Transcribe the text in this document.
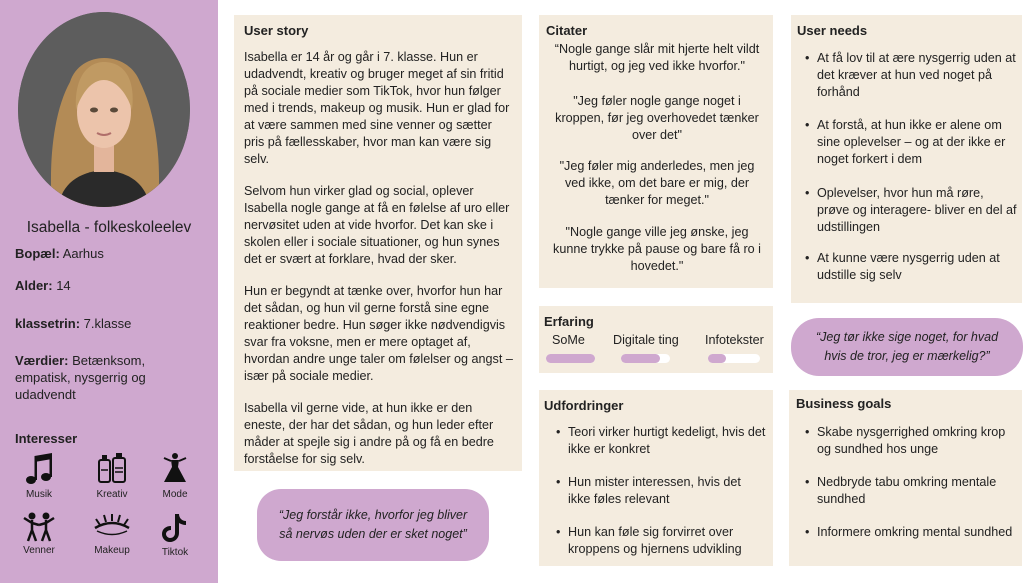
Isabella - folkeskoleelev
Bopæl: Aarhus
Alder: 14
klassetrin: 7.klasse
Værdier: Betænksom, empatisk, nysgerrig og udadvendt
Interesser
Musik	Kreativ	Mode
Venner	Makeup	Tiktok
User story

Isabella er 14 år og går i 7. klasse. Hun er udadvendt, kreativ og bruger meget af sin fritid på sociale medier som TikTok, hvor hun følger med i trends, makeup og musik. Hun er glad for at være sammen med sine venner og sætter pris på fællesskaber, hvor man kan være sig selv.

Selvom hun virker glad og social, oplever Isabella nogle gange at få en følelse af uro eller nervøsitet uden at vide hvorfor. Det kan ske i skolen eller i sociale situationer, og hun synes det er svært at forklare, hvad der sker.

Hun er begyndt at tænke over, hvorfor hun har det sådan, og hun vil gerne forstå sine egne reaktioner bedre. Hun søger ikke nødvendigvis svar fra voksne, men er mere optaget af, hvordan andre unge taler om følelser og angst – især på sociale medier.

Isabella vil gerne vide, at hun ikke er den eneste, der har det sådan, og hun leder efter måder at spejle sig i andre på og få en bedre forståelse for sig selv.

“Jeg forstår ikke, hvorfor jeg bliver så nervøs uden der er sket noget”
Citater
“Nogle gange slår mit hjerte helt vildt hurtigt, og jeg ved ikke hvorfor."
"Jeg føler nogle gange noget i kroppen, før jeg overhovedet tænker over det"
"Jeg føler mig anderledes, men jeg ved ikke, om det bare er mig, der tænker for meget."
"Nogle gange ville jeg ønske, jeg kunne trykke på pause og bare få ro i hovedet."
Erfaring
SoMe Digitale ting Infotekster
Udfordringer
• Teori virker hurtigt kedeligt, hvis det ikke er konkret
• Hun mister interessen, hvis det ikke føles relevant
• Hun kan føle sig forvirret over kroppens og hjernens udvikling
User needs
• At få lov til at ære nysgerrig uden at det kræver at hun ved noget på forhånd
• At forstå, at hun ikke er alene om sine oplevelser – og at der ikke er noget forkert i dem
• Oplevelser, hvor hun må røre, prøve og interagere- bliver en del af udstillingen
• At kunne være nysgerrig uden at udstille sig selv
“Jeg tør ikke sige noget, for hvad hvis de tror, jeg er mærkelig?”
Business goals
• Skabe nysgerrighed omkring krop og sundhed hos unge
• Nedbryde tabu omkring mentale sundhed
• Informere omkring mental sundhed
